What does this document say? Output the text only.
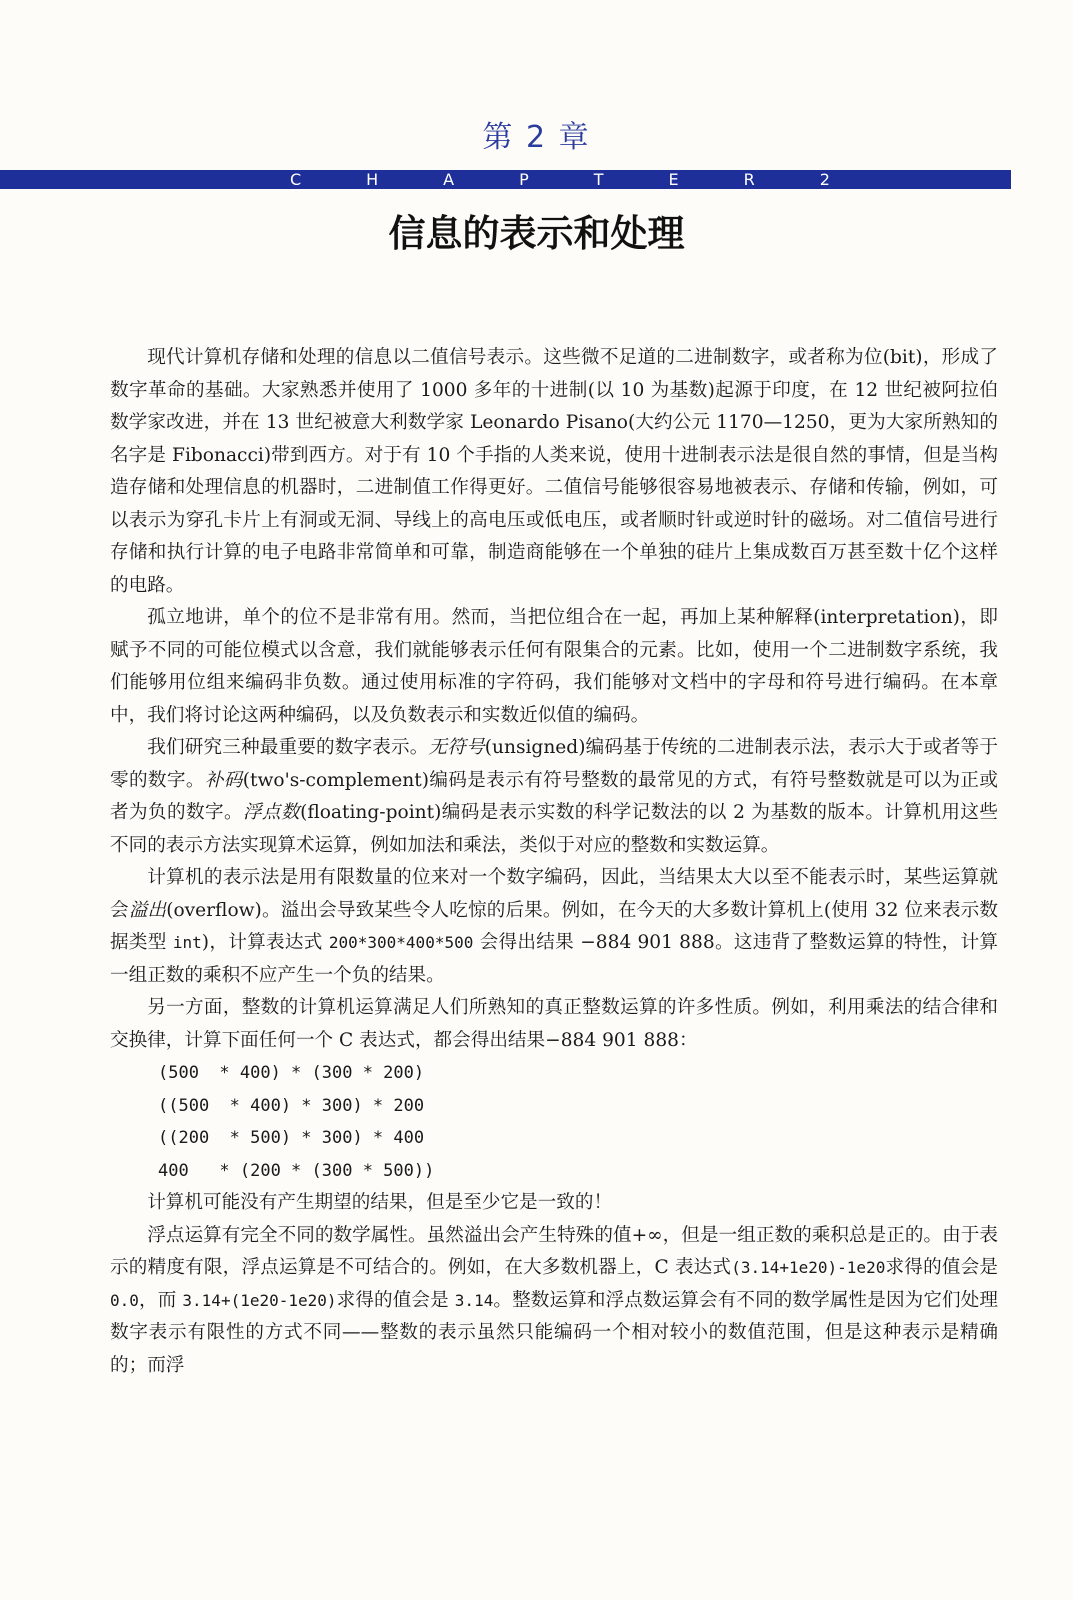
第 2 章
C	H	A	P	T	E	R	2
信息的表示和处理

现代计算机存储和处理的信息以二值信号表示。这些微不足道的二进制数字，或者称为位(bit)，形成了数字革命的基础。大家熟悉并使用了 1000 多年的十进制(以 10 为基数)起源于印度，在 12 世纪被阿拉伯数学家改进，并在 13 世纪被意大利数学家 Leonardo Pisano(大约公元 1170—1250，更为大家所熟知的名字是 Fibonacci)带到西方。对于有 10 个手指的人类来说，使用十进制表示法是很自然的事情，但是当构造存储和处理信息的机器时，二进制值工作得更好。二值信号能够很容易地被表示、存储和传输，例如，可以表示为穿孔卡片上有洞或无洞、导线上的高电压或低电压，或者顺时针或逆时针的磁场。对二值信号进行存储和执行计算的电子电路非常简单和可靠，制造商能够在一个单独的硅片上集成数百万甚至数十亿个这样的电路。

孤立地讲，单个的位不是非常有用。然而，当把位组合在一起，再加上某种解释(interpretation)，即赋予不同的可能位模式以含意，我们就能够表示任何有限集合的元素。比如，使用一个二进制数字系统，我们能够用位组来编码非负数。通过使用标准的字符码，我们能够对文档中的字母和符号进行编码。在本章中，我们将讨论这两种编码，以及负数表示和实数近似值的编码。

我们研究三种最重要的数字表示。无符号(unsigned)编码基于传统的二进制表示法，表示大于或者等于零的数字。补码(two's-complement)编码是表示有符号整数的最常见的方式，有符号整数就是可以为正或者为负的数字。浮点数(floating-point)编码是表示实数的科学记数法的以 2 为基数的版本。计算机用这些不同的表示方法实现算术运算，例如加法和乘法，类似于对应的整数和实数运算。

计算机的表示法是用有限数量的位来对一个数字编码，因此，当结果太大以至不能表示时，某些运算就会溢出(overflow)。溢出会导致某些令人吃惊的后果。例如，在今天的大多数计算机上(使用 32 位来表示数据类型 int)，计算表达式 200*300*400*500 会得出结果 −884 901 888。这违背了整数运算的特性，计算一组正数的乘积不应产生一个负的结果。

另一方面，整数的计算机运算满足人们所熟知的真正整数运算的许多性质。例如，利用乘法的结合律和交换律，计算下面任何一个 C 表达式，都会得出结果−884 901 888：

(500  * 400) * (300 * 200)
((500  * 400) * 300) * 200
((200  * 500) * 300) * 400
400   * (200 * (300 * 500))

计算机可能没有产生期望的结果，但是至少它是一致的！

浮点运算有完全不同的数学属性。虽然溢出会产生特殊的值+∞，但是一组正数的乘积总是正的。由于表示的精度有限，浮点运算是不可结合的。例如，在大多数机器上，C 表达式(3.14+1e20)-1e20求得的值会是0.0，而 3.14+(1e20-1e20)求得的值会是 3.14。整数运算和浮点数运算会有不同的数学属性是因为它们处理数字表示有限性的方式不同——整数的表示虽然只能编码一个相对较小的数值范围，但是这种表示是精确的；而浮
